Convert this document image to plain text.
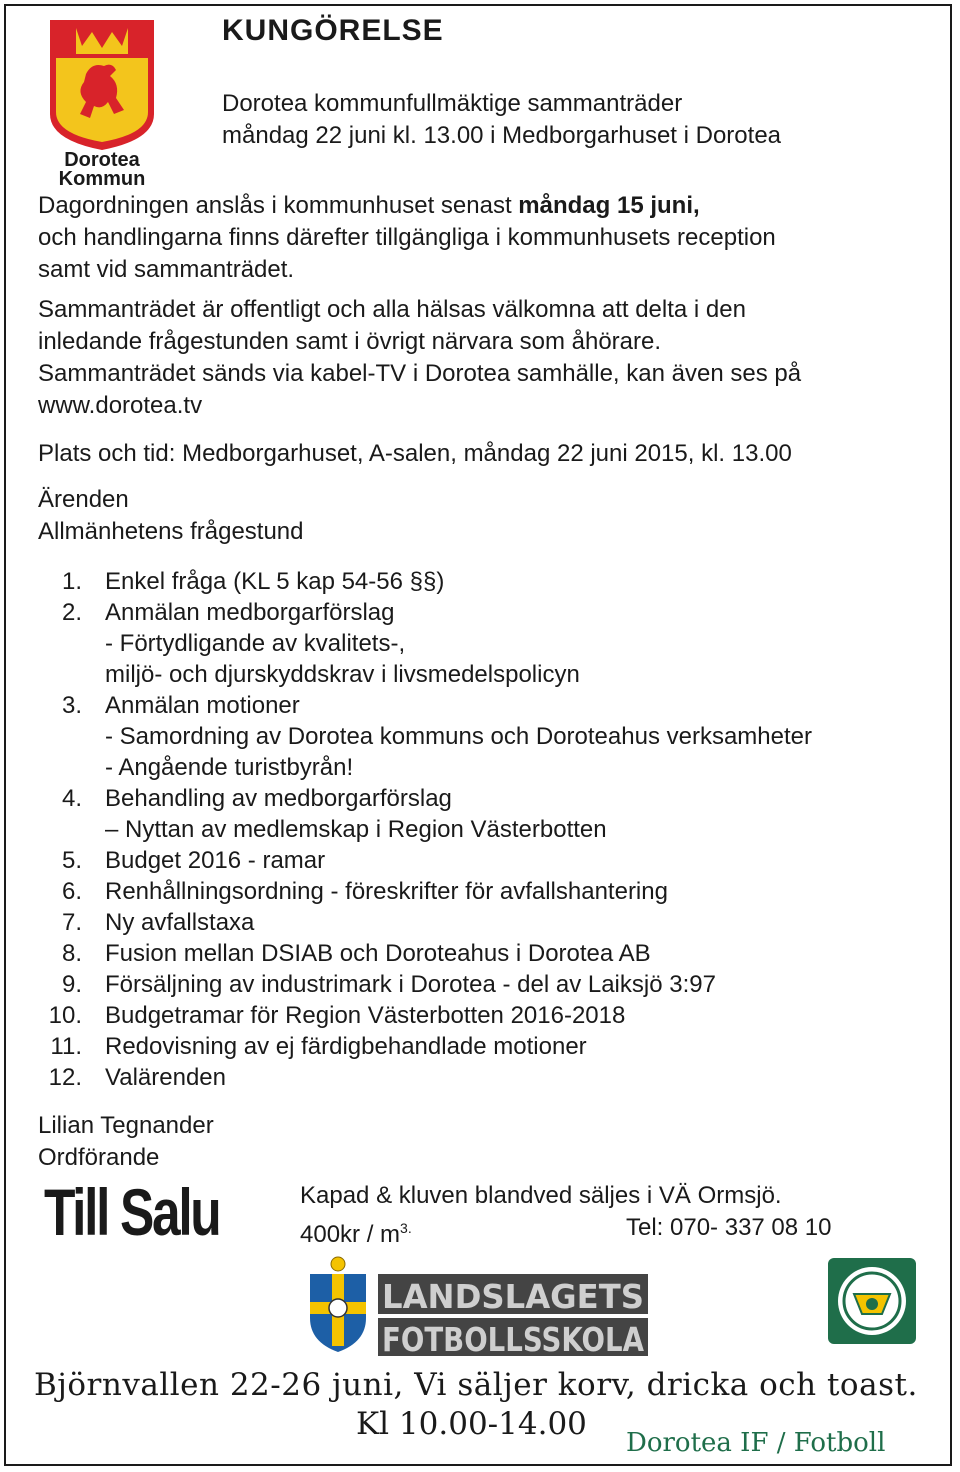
Dorotea
Kommun
KUNGÖRELSE
Dorotea kommunfullmäktige sammanträder
måndag 22 juni kl. 13.00 i Medborgarhuset i Dorotea
Dagordningen anslås i kommunhuset senast måndag 15 juni,
och handlingarna finns därefter tillgängliga i kommunhusets reception
samt vid sammanträdet.
Sammanträdet är offentligt och alla hälsas välkomna att delta i den
inledande frågestunden samt i övrigt närvara som åhörare.
Sammanträdet sänds via kabel-TV i Dorotea samhälle, kan även ses på
www.dorotea.tv
Plats och tid: Medborgarhuset, A-salen, måndag 22 juni 2015, kl. 13.00
Ärenden
Allmänhetens frågestund
1. Enkel fråga (KL 5 kap 54-56 §§)
2. Anmälan medborgarförslag
- Förtydligande av kvalitets-,
miljö- och djurskyddskrav i livsmedelspolicyn
3. Anmälan motioner
- Samordning av Dorotea kommuns och Doroteahus verksamheter
- Angående turistbyrån!
4. Behandling av medborgarförslag
– Nyttan av medlemskap i Region Västerbotten
5. Budget 2016 - ramar
6. Renhållningsordning - föreskrifter för avfallshantering
7. Ny avfallstaxa
8. Fusion mellan DSIAB och Doroteahus i Dorotea AB
9. Försäljning av industrimark i Dorotea - del av Laiksjö 3:97
10. Budgetramar för Region Västerbotten 2016-2018
11. Redovisning av ej färdigbehandlade motioner
12. Valärenden
Lilian Tegnander
Ordförande
Till Salu	Kapad & kluven blandved säljes i VÄ Ormsjö.
$400kr / m^{3.}$	Tel: 070- 337 08 10
LANDSLAGETS
FOTBOLLSSKOLA
Björnvallen 22-26 juni, Vi säljer korv, dricka och toast.
Kl 10.00-14.00
Dorotea IF / Fotboll
